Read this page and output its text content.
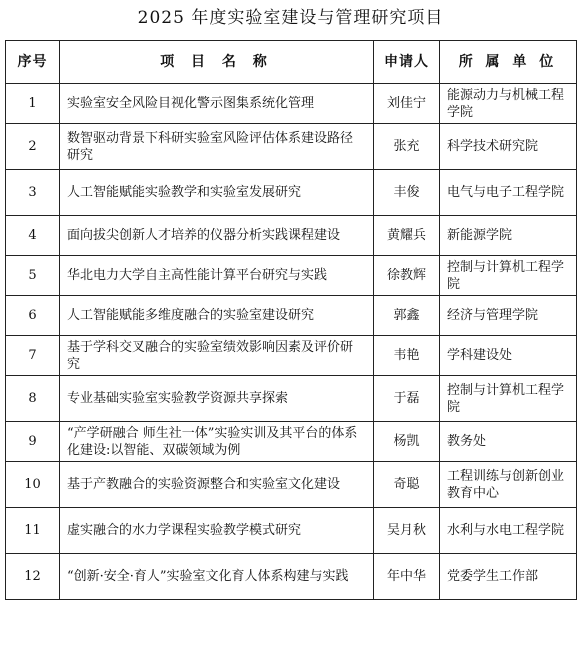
2025 年度实验室建设与管理研究项目
序号	项 目 名 称	申请人	所 属 单 位
1	实验室安全风险目视化警示图集系统化管理	刘佳宁	能源动力与机械工程学院
2	数智驱动背景下科研实验室风险评估体系建设路径研究	张充	科学技术研究院
3	人工智能赋能实验教学和实验室发展研究	丰俊	电气与电子工程学院
4	面向拔尖创新人才培养的仪器分析实践课程建设	黄耀兵	新能源学院
5	华北电力大学自主高性能计算平台研究与实践	徐教辉	控制与计算机工程学院
6	人工智能赋能多维度融合的实验室建设研究	郭鑫	经济与管理学院
7	基于学科交叉融合的实验室绩效影响因素及评价研究	韦艳	学科建设处
8	专业基础实验室实验教学资源共享探索	于磊	控制与计算机工程学院
9	“产学研融合 师生社一体”实验实训及其平台的体系化建设:以智能、双碳领域为例	杨凯	教务处
10	基于产教融合的实验资源整合和实验室文化建设	奇聪	工程训练与创新创业教育中心
11	虚实融合的水力学课程实验教学模式研究	吴月秋	水利与水电工程学院
12	“创新·安全·育人”实验室文化育人体系构建与实践	年中华	党委学生工作部
